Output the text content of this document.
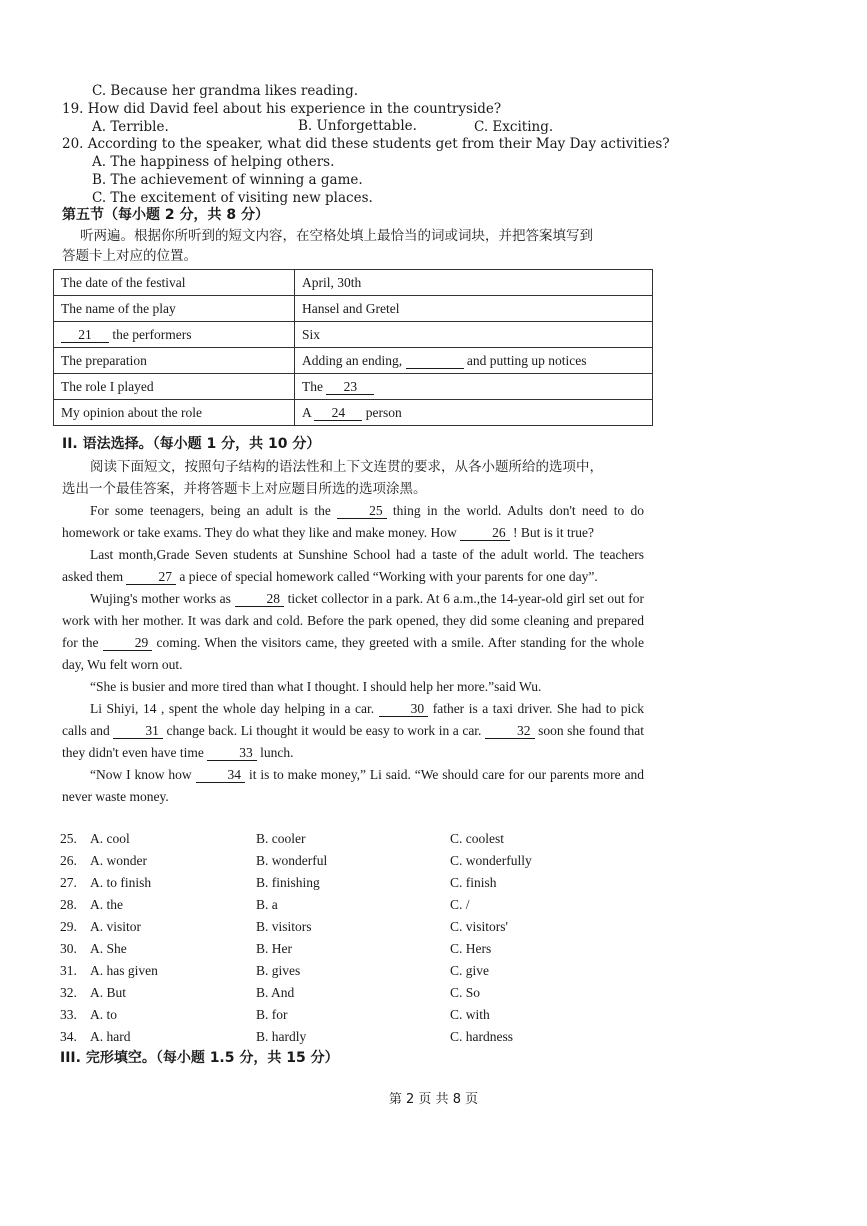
C. Because her grandma likes reading.
19. How did David feel about his experience in the countryside?
A. Terrible.	B. Unforgettable.	C. Exciting.
20. According to the speaker, what did these students get from their May Day activities?
A. The happiness of helping others.
B. The achievement of winning a game.
C. The excitement of visiting new places.
第五节（每小题 2 分，共 8 分）
听两遍。根据你所听到的短文内容，在空格处填上最恰当的词或词块，并把答案填写到
答题卡上对应的位置。
The date of the festival	April, 30th
The name of the play	Hansel and Gretel
21 the performers	Six
The preparation	Adding an ending, and putting up notices
The role I played	The 23
My opinion about the role	A 24 person
II. 语法选择。（每小题 1 分，共 10 分）
阅读下面短文，按照句子结构的语法性和上下文连贯的要求，从各小题所给的选项中，
选出一个最佳答案，并将答题卡上对应题目所选的选项涂黑。

For some teenagers, being an adult is the	25 thing in the world. Adults don't need to do homework or take exams. They do what they like and make money. How	26 ! But is it true?

Last month,Grade Seven students at Sunshine School had a taste of the adult world. The teachers asked them	27 a piece of special homework called “Working with your parents for one day”.

Wujing's mother works as	28 ticket collector in a park. At 6 a.m.,the 14-year-old girl set out for work with her mother. It was dark and cold. Before the park opened, they did some cleaning and prepared for the	29 coming. When the visitors came, they greeted with a smile. After standing for the whole day, Wu felt worn out.

“She is busier and more tired than what I thought. I should help her more.”said Wu.

Li Shiyi, 14 , spent the whole day helping in a car.	30 father is a taxi driver. She had to pick calls and	31 change back. Li thought it would be easy to work in a car.	32 soon she found that they didn't even have time	33 lunch.

“Now I know how	34 it is to make money,” Li said. “We should care for our parents more and never waste money.

25. A. cool	B. cooler	C. coolest
26. A. wonder	B. wonderful	C. wonderfully
27. A. to finish	B. finishing	C. finish
28. A. the	B. a	C. /
29. A. visitor	B. visitors	C. visitors'
30. A. She	B. Her	C. Hers
31. A. has given	B. gives	C. give
32. A. But	B. And	C. So
33. A. to	B. for	C. with
34. A. hard	B. hardly	C. hardness
III. 完形填空。（每小题 1.5 分，共 15 分）
第 2 页 共 8 页
